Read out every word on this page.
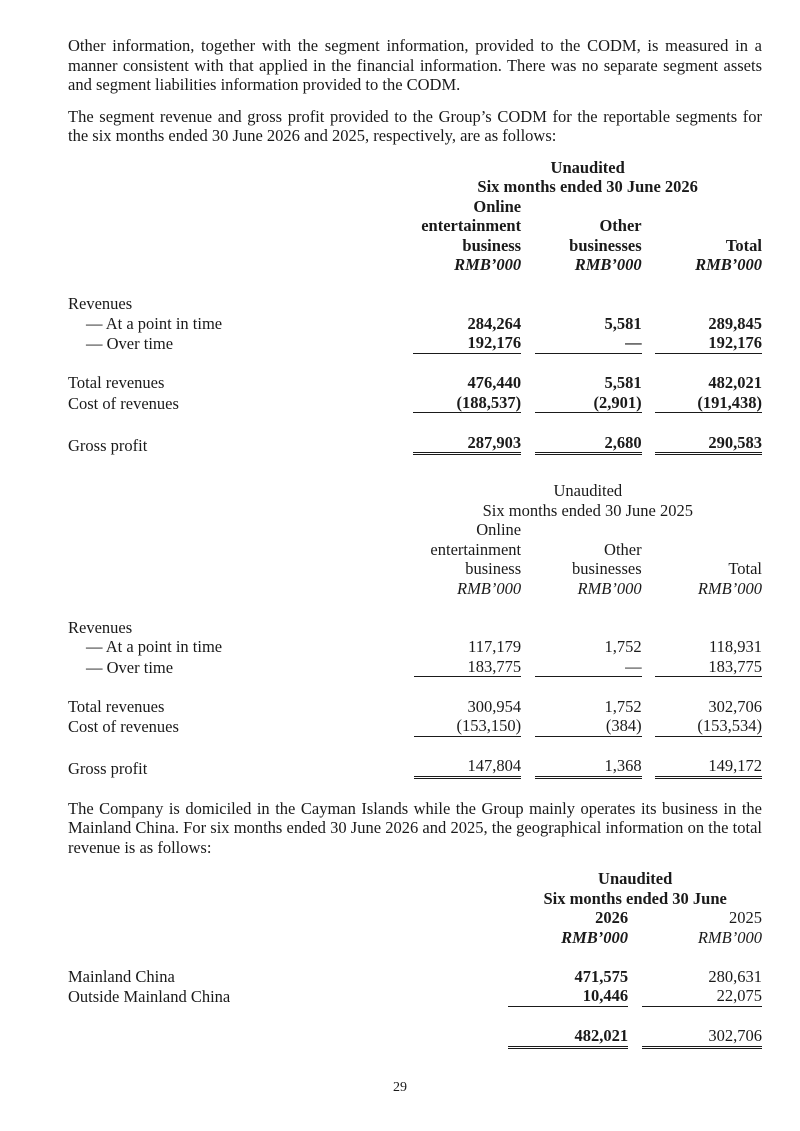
Other information, together with the segment information, provided to the CODM, is measured in a manner consistent with that applied in the financial information. There was no separate segment assets and segment liabilities information provided to the CODM.

The segment revenue and gross profit provided to the Group’s CODM for the reportable segments for the six months ended 30 June 2026 and 2025, respectively, are as follows:

	Unaudited				
	Six months ended 30 June 2026				
	Online
entertainment
business		Other
businesses		Total
	RMB’000		RMB’000		RMB’000

Revenues					
— At a point in time	284,264		5,581		289,845
— Over time	192,176		—		192,176

Total revenues	476,440		5,581		482,021
Cost of revenues	(188,537)		(2,901)		(191,438)

Gross profit	287,903		2,680		290,583
	Unaudited				
	Six months ended 30 June 2025				
	Online
entertainment
business		Other
businesses		Total
	RMB’000		RMB’000		RMB’000

Revenues					
— At a point in time	117,179		1,752		118,931
— Over time	183,775		—		183,775

Total revenues	300,954		1,752		302,706
Cost of revenues	(153,150)		(384)		(153,534)

Gross profit	147,804		1,368		149,172

The Company is domiciled in the Cayman Islands while the Group mainly operates its business in the Mainland China. For six months ended 30 June 2026 and 2025, the geographical information on the total revenue is as follows:

	Unaudited		
	Six months ended 30 June		
	2026		2025
	RMB’000		RMB’000

Mainland China	471,575		280,631
Outside Mainland China	10,446		22,075

	482,021		302,706
29
